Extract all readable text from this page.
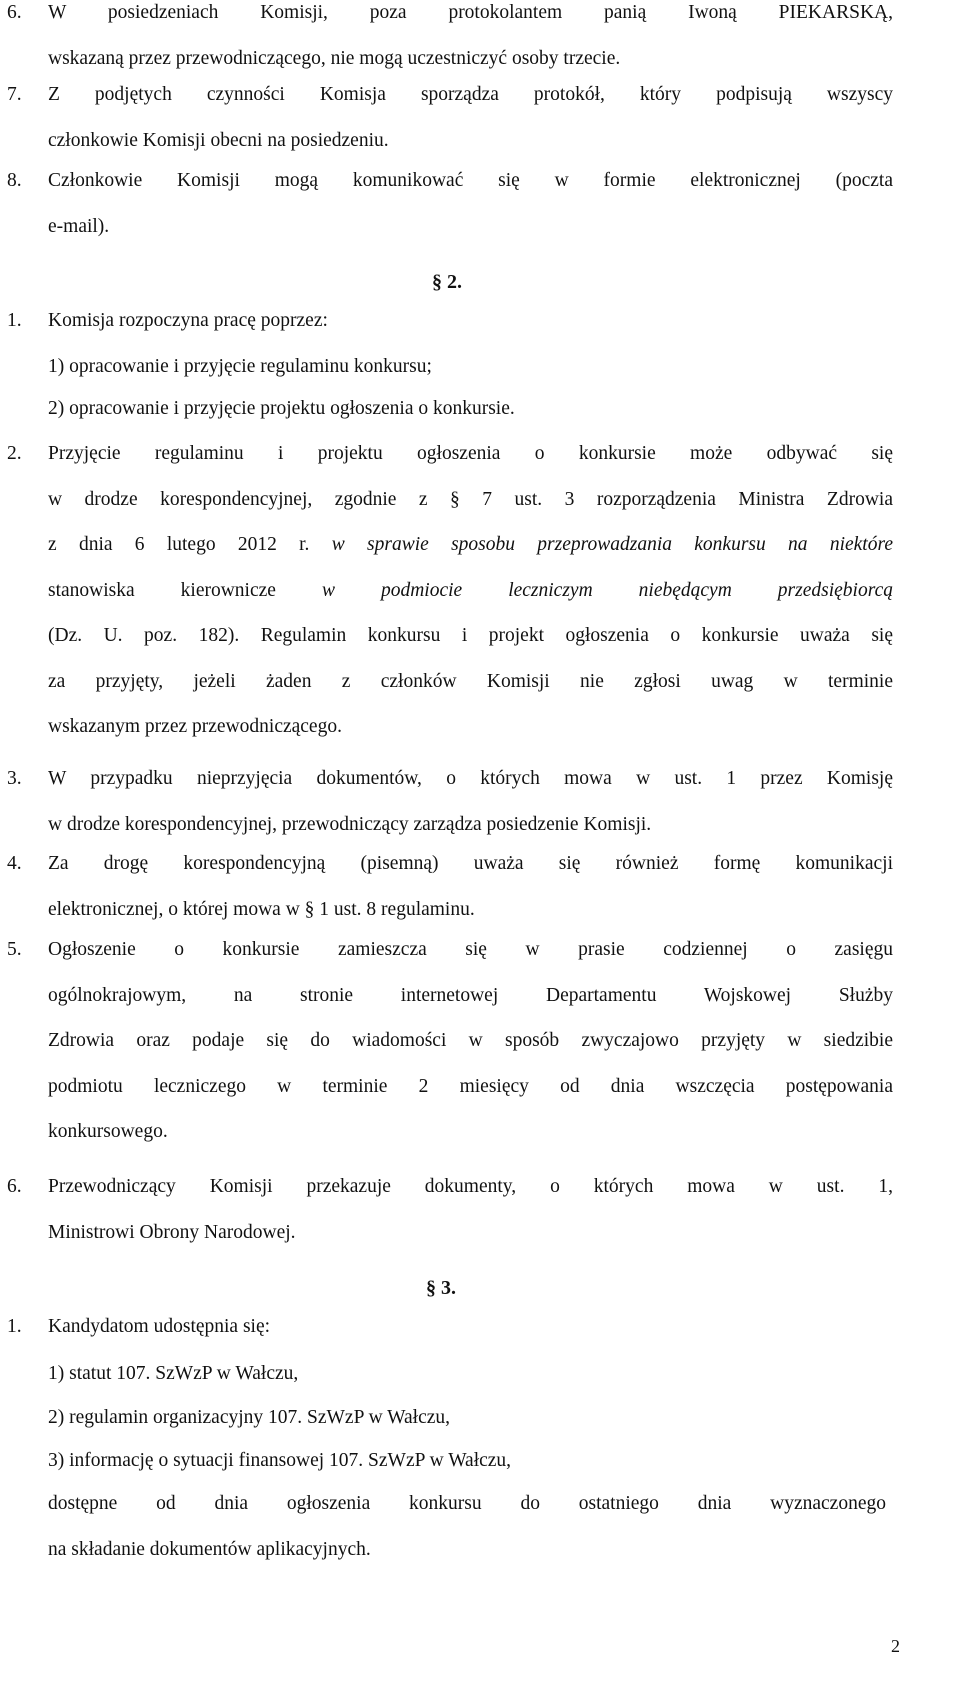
6. W posiedzeniach Komisji, poza protokolantem panią Iwoną PIEKARSKĄ,
wskazaną przez przewodniczącego, nie mogą uczestniczyć osoby trzecie.
7. Z podjętych czynności Komisja sporządza protokół, który podpisują wszyscy
członkowie Komisji obecni na posiedzeniu.
8. Członkowie Komisji mogą komunikować się w formie elektronicznej (poczta
e-mail).
§ 2.
1. Komisja rozpoczyna pracę poprzez:
1) opracowanie i przyjęcie regulaminu konkursu;
2) opracowanie i przyjęcie projektu ogłoszenia o konkursie.
2. Przyjęcie regulaminu i projektu ogłoszenia o konkursie może odbywać się
w drodze korespondencyjnej, zgodnie z § 7 ust. 3 rozporządzenia Ministra Zdrowia
z dnia 6 lutego 2012 r. w sprawie sposobu przeprowadzania konkursu na niektóre
stanowiska kierownicze w podmiocie leczniczym niebędącym przedsiębiorcą
(Dz. U. poz. 182). Regulamin konkursu i projekt ogłoszenia o konkursie uważa się
za przyjęty, jeżeli żaden z członków Komisji nie zgłosi uwag w terminie
wskazanym przez przewodniczącego.
3. W przypadku nieprzyjęcia dokumentów, o których mowa w ust. 1 przez Komisję
w drodze korespondencyjnej, przewodniczący zarządza posiedzenie Komisji.
4. Za drogę korespondencyjną (pisemną) uważa się również formę komunikacji
elektronicznej, o której mowa w § 1 ust. 8 regulaminu.
5. Ogłoszenie o konkursie zamieszcza się w prasie codziennej o zasięgu
ogólnokrajowym, na stronie internetowej Departamentu Wojskowej Służby
Zdrowia oraz podaje się do wiadomości w sposób zwyczajowo przyjęty w siedzibie
podmiotu leczniczego w terminie 2 miesięcy od dnia wszczęcia postępowania
konkursowego.
6. Przewodniczący Komisji przekazuje dokumenty, o których mowa w ust. 1,
Ministrowi Obrony Narodowej.
§ 3.
1. Kandydatom udostępnia się:
1) statut 107. SzWzP w Wałczu,
2) regulamin organizacyjny 107. SzWzP w Wałczu,
3) informację o sytuacji finansowej 107. SzWzP w Wałczu,
dostępne od dnia ogłoszenia konkursu do ostatniego dnia wyznaczonego
na składanie dokumentów aplikacyjnych.
2
